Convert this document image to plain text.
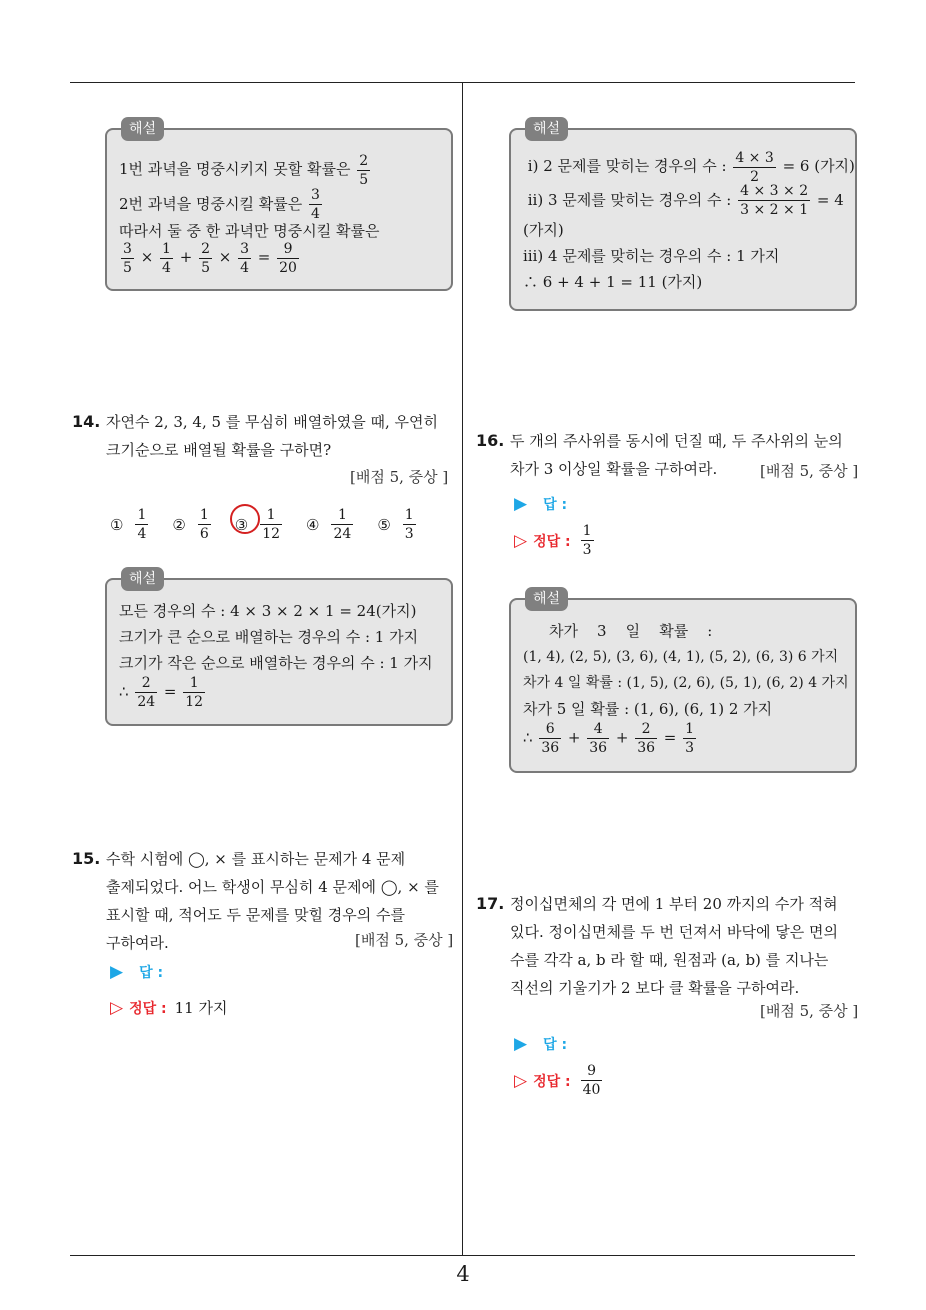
4
해설
1번 과녁을 명중시키지 못할 확률은 $\frac{2}{5}$
2번 과녁을 명중시킬 확률은 $\frac{3}{4}$
따라서 둘 중 한 과녁만 명중시킬 확률은
$\frac{3}{5} \times \frac{1}{4} + \frac{2}{5} \times \frac{3}{4} = \frac{9}{20}$
14. 자연수 2, 3, 4, 5 를 무심히 배열하였을 때, 우연히
크기순으로 배열될 확률을 구하면?
[배점 5, 중상 ]
① $\frac{1}{4}$ ② $\frac{1}{6}$ ③ $\frac{1}{12}$ ④ $\frac{1}{24}$ ⑤ $\frac{1}{3}$
해설
모든 경우의 수 : 4 × 3 × 2 × 1 = 24(가지)
크기가 큰 순으로 배열하는 경우의 수 : 1 가지
크기가 작은 순으로 배열하는 경우의 수 : 1 가지
∴ $\frac{2}{24} = \frac{1}{12}$
15. 수학 시험에 ◯, × 를 표시하는 문제가 4 문제
출제되었다. 어느 학생이 무심히 4 문제에 ◯, × 를
표시할 때, 적어도 두 문제를 맞힐 경우의 수를
구하여라.	[배점 5, 중상 ]
▶ 답 :
▷ 정답 : 11 가지
해설
ⅰ) 2 문제를 맞히는 경우의 수 : $\frac{4 \times 3}{2} = 6$ (가지)
ⅱ) 3 문제를 맞히는 경우의 수 : $\frac{4 \times 3 \times 2}{3 \times 2 \times 1} = 4$
(가지)
ⅲ) 4 문제를 맞히는 경우의 수 : 1 가지
∴ 6 + 4 + 1 = 11 (가지)
16. 두 개의 주사위를 동시에 던질 때, 두 주사위의 눈의
차가 3 이상일 확률을 구하여라.	[배점 5, 중상 ]
▶ 답 :
▷ 정답 : $\frac{1}{3}$
해설
차가    3    일    확률    :
(1, 4), (2, 5), (3, 6), (4, 1), (5, 2), (6, 3) 6 가지
차가 4 일 확률 : (1, 5), (2, 6), (5, 1), (6, 2) 4 가지
차가 5 일 확률 : (1, 6), (6, 1) 2 가지
∴ $\frac{6}{36} + \frac{4}{36} + \frac{2}{36} = \frac{1}{3}$
17. 정이십면체의 각 면에 1 부터 20 까지의 수가 적혀
있다. 정이십면체를 두 번 던져서 바닥에 닿은 면의
수를 각각 a, b 라 할 때, 원점과 (a, b) 를 지나는
직선의 기울기가 2 보다 클 확률을 구하여라.
[배점 5, 중상 ]
▶ 답 :
▷ 정답 : $\frac{9}{40}$
